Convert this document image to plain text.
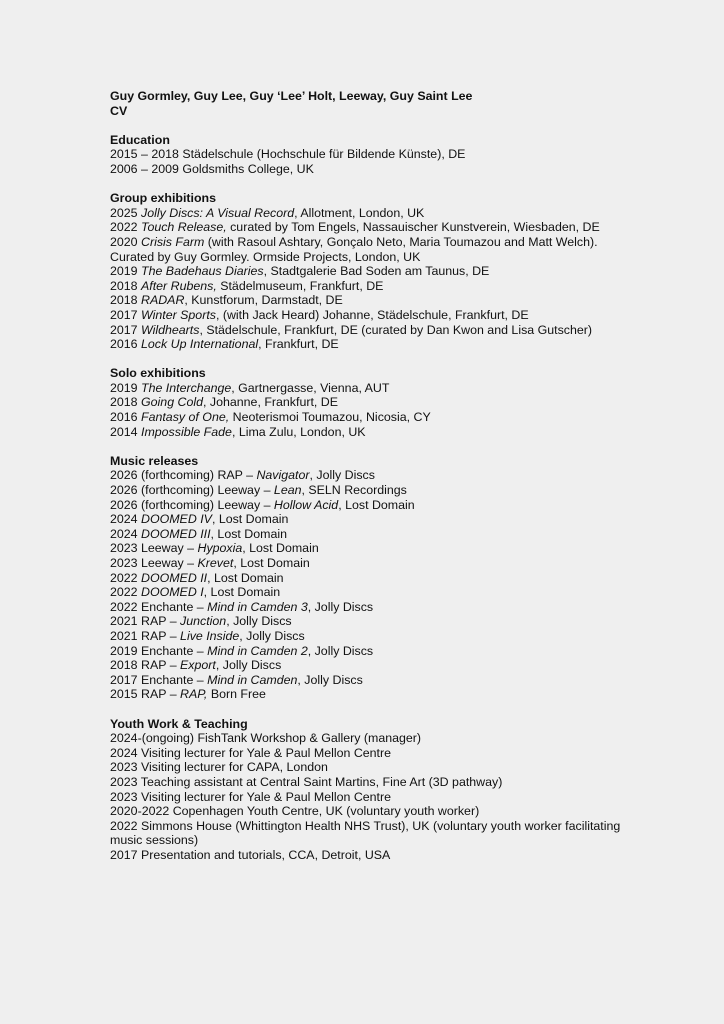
Guy Gormley, Guy Lee, Guy ‘Lee’ Holt, Leeway, Guy Saint Lee
CV
Education
2015 – 2018 Städelschule (Hochschule für Bildende Künste), DE
2006 – 2009 Goldsmiths College, UK
Group exhibitions
2025 Jolly Discs: A Visual Record, Allotment, London, UK
2022 Touch Release, curated by Tom Engels, Nassauischer Kunstverein, Wiesbaden, DE
2020 Crisis Farm (with Rasoul Ashtary, Gonçalo Neto, Maria Toumazou and Matt Welch).
Curated by Guy Gormley. Ormside Projects, London, UK
2019 The Badehaus Diaries, Stadtgalerie Bad Soden am Taunus, DE
2018 After Rubens, Städelmuseum, Frankfurt, DE
2018 RADAR, Kunstforum, Darmstadt, DE
2017 Winter Sports, (with Jack Heard) Johanne, Städelschule, Frankfurt, DE
2017 Wildhearts, Städelschule, Frankfurt, DE (curated by Dan Kwon and Lisa Gutscher)
2016 Lock Up International, Frankfurt, DE
Solo exhibitions
2019 The Interchange, Gartnergasse, Vienna, AUT
2018 Going Cold, Johanne, Frankfurt, DE
2016 Fantasy of One, Neoterismoi Toumazou, Nicosia, CY
2014 Impossible Fade, Lima Zulu, London, UK
Music releases
2026 (forthcoming) RAP – Navigator, Jolly Discs
2026 (forthcoming) Leeway – Lean, SELN Recordings
2026 (forthcoming) Leeway – Hollow Acid, Lost Domain
2024 DOOMED IV, Lost Domain
2024 DOOMED III, Lost Domain
2023 Leeway – Hypoxia, Lost Domain
2023 Leeway – Krevet, Lost Domain
2022 DOOMED II, Lost Domain
2022 DOOMED I, Lost Domain
2022 Enchante – Mind in Camden 3, Jolly Discs
2021 RAP – Junction, Jolly Discs
2021 RAP – Live Inside, Jolly Discs
2019 Enchante – Mind in Camden 2, Jolly Discs
2018 RAP – Export, Jolly Discs
2017 Enchante – Mind in Camden, Jolly Discs
2015 RAP – RAP, Born Free
Youth Work & Teaching
2024-(ongoing) FishTank Workshop & Gallery (manager)
2024 Visiting lecturer for Yale & Paul Mellon Centre
2023 Visiting lecturer for CAPA, London
2023 Teaching assistant at Central Saint Martins, Fine Art (3D pathway)
2023 Visiting lecturer for Yale & Paul Mellon Centre
2020-2022 Copenhagen Youth Centre, UK (voluntary youth worker)
2022 Simmons House (Whittington Health NHS Trust), UK (voluntary youth worker facilitating music sessions)
2017 Presentation and tutorials, CCA, Detroit, USA
